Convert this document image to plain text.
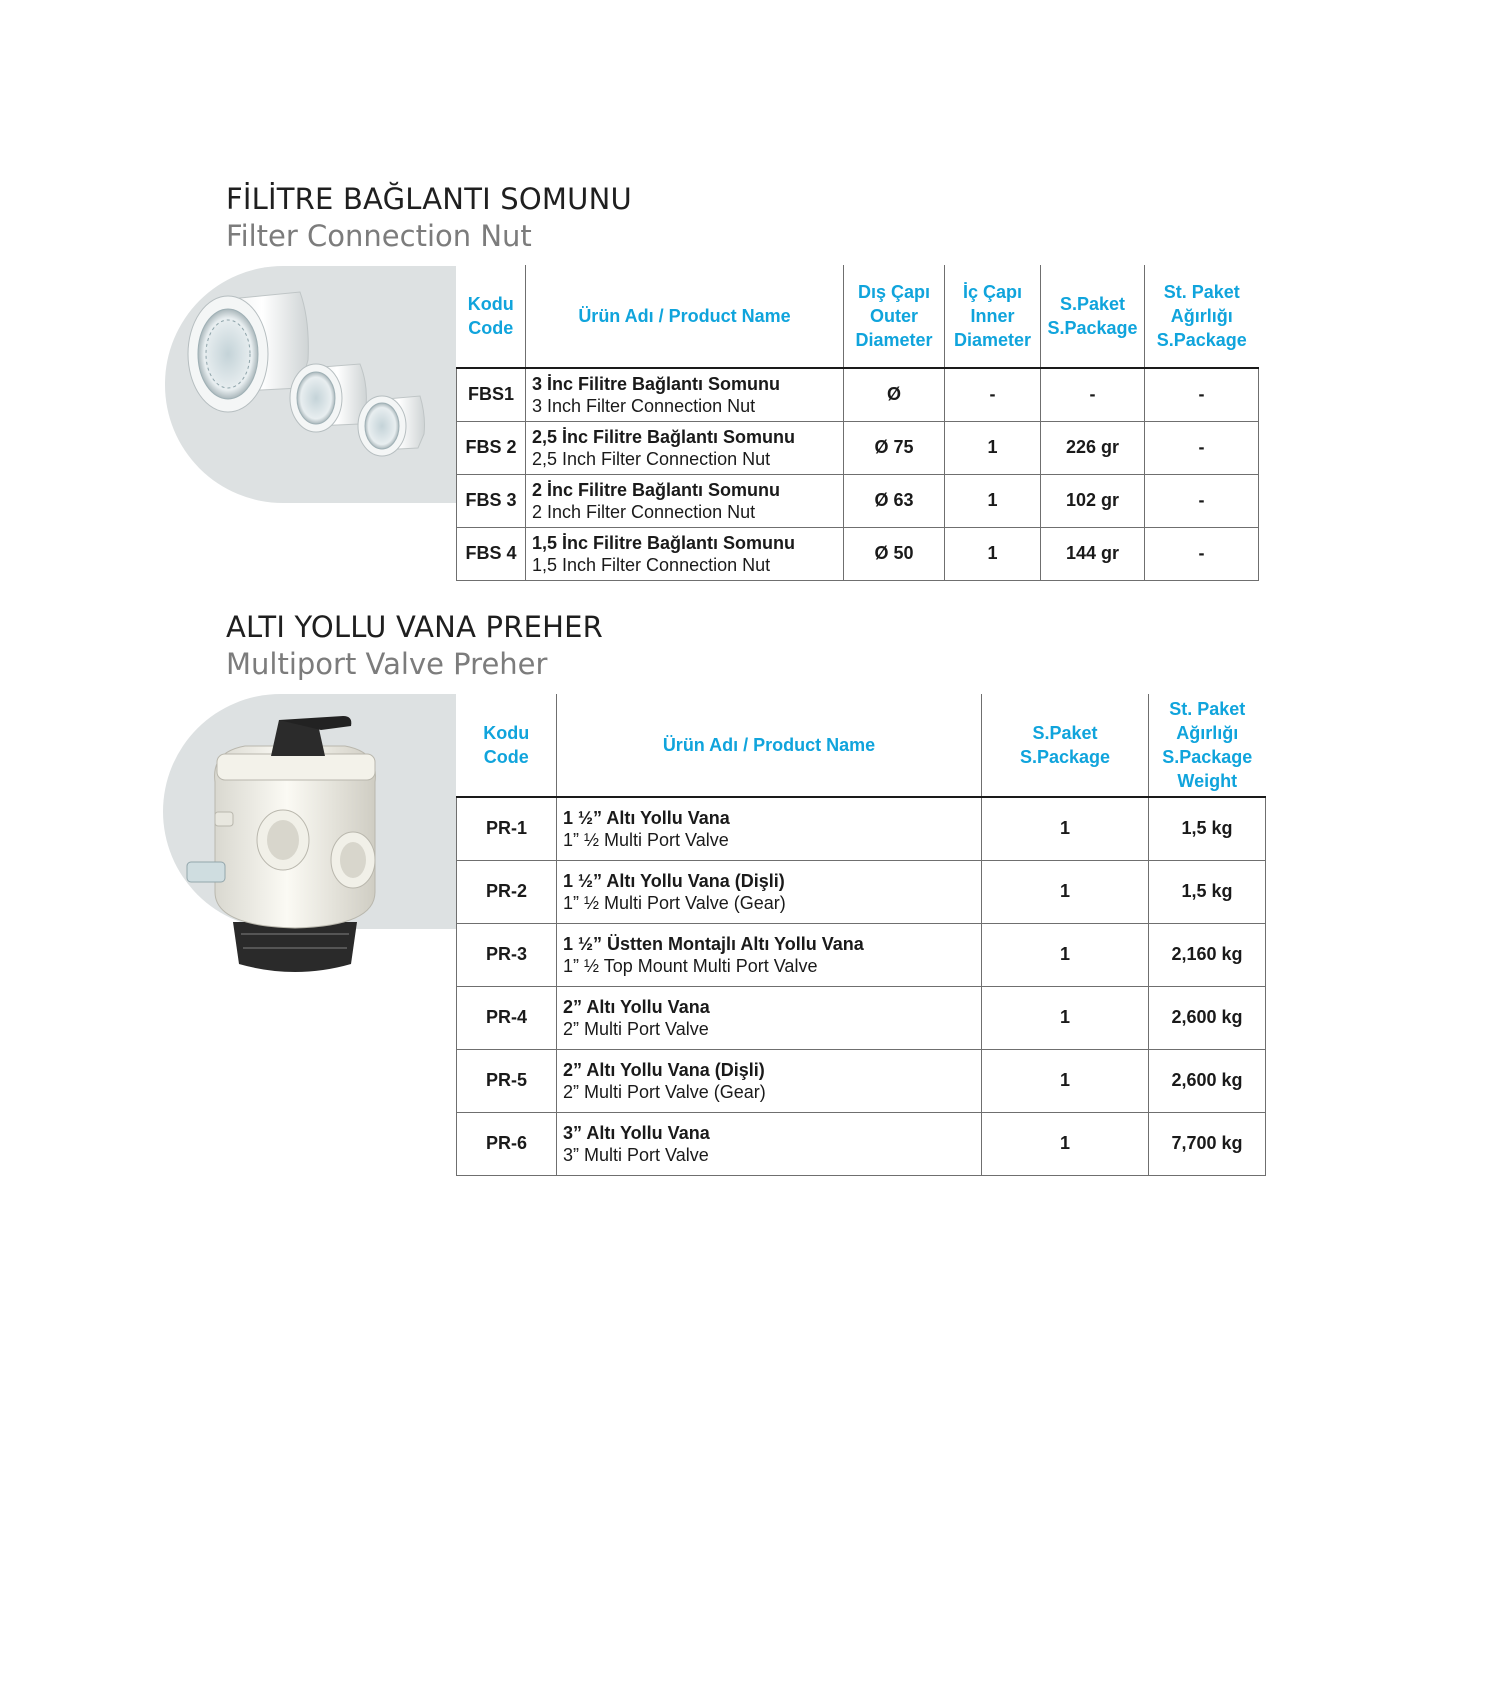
FİLİTRE BAĞLANTI SOMUNU
Filter Connection Nut
Kodu
Code	Ürün Adı / Product Name	Dış Çapı
Outer
Diameter	İç Çapı
Inner
Diameter	S.Paket
S.Package	St. Paket
Ağırlığı
S.Package
FBS1	3 İnc Filitre Bağlantı Somunu
3 Inch Filter Connection Nut	Ø	-	-	-
FBS 2	2,5 İnc Filitre Bağlantı Somunu
2,5 Inch Filter Connection Nut	Ø 75	1	226 gr	-
FBS 3	2 İnc Filitre Bağlantı Somunu
2 Inch Filter Connection Nut	Ø 63	1	102 gr	-
FBS 4	1,5 İnc Filitre Bağlantı Somunu
1,5 Inch Filter Connection Nut	Ø 50	1	144 gr	-
ALTI YOLLU VANA PREHER
Multiport Valve Preher
Kodu
Code	Ürün Adı / Product Name	S.Paket
S.Package	St. Paket
Ağırlığı
S.Package
Weight
PR-1	1 ½” Altı Yollu Vana
1” ½ Multi Port Valve	1	1,5 kg
PR-2	1 ½” Altı Yollu Vana (Dişli)
1” ½ Multi Port Valve (Gear)	1	1,5 kg
PR-3	1 ½” Üstten Montajlı Altı Yollu Vana
1” ½ Top Mount Multi Port Valve	1	2,160 kg
PR-4	2” Altı Yollu Vana
2” Multi Port Valve	1	2,600 kg
PR-5	2” Altı Yollu Vana (Dişli)
2” Multi Port Valve (Gear)	1	2,600 kg
PR-6	3” Altı Yollu Vana
3” Multi Port Valve	1	7,700 kg
